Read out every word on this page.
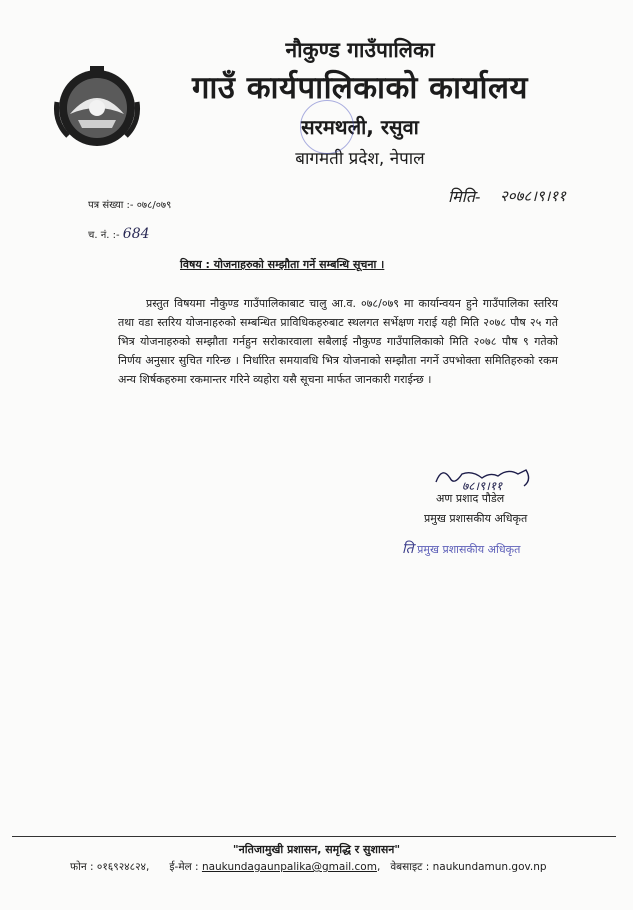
नौकुण्ड गाउँपालिका
गाउँ कार्यपालिकाको कार्यालय
सरमथली, रसुवा
बागमती प्रदेश, नेपाल
पत्र संख्या :- ०७८/०७९
च. नं. :- 684
मिति- २०७८।९।११
विषय : योजनाहरुको सम्झौता गर्ने सम्बन्धि सूचना ।

प्रस्तुत विषयमा नौकुण्ड गाउँपालिकाबाट चालु आ.व. ०७८/०७९ मा कार्यान्वयन हुने गाउँपालिका स्तरिय तथा वडा स्तरिय योजनाहरुको सम्बन्धित प्राविधिकहरुबाट स्थलगत सर्भेक्षण गराई यही मिति २०७८ पौष २५ गते भित्र योजनाहरुको सम्झौता गर्नहुन सरोकारवाला सबैलाई नौकुण्ड गाउँपालिकाको मिति २०७८ पौष ९ गतेको निर्णय अनुसार सुचित गरिन्छ । निर्धारित समयावधि भित्र योजनाको सम्झौता नगर्ने उपभोक्ता समितिहरुको रकम अन्य शिर्षकहरुमा रकमान्तर गरिने व्यहोरा यसै सूचना मार्फत जानकारी गराईन्छ ।

७८।९।११
अण प्रशाद पौडेल
प्रमुख प्रशासकीय अधिकृत
ति प्रमुख प्रशासकीय अधिकृत
"नतिजामुखी प्रशासन, समृद्धि र सुशासन"
फोन : ०१६९२४८२४, ई-मेल : naukundagaunpalika@gmail.com,   वेबसाइट : naukundamun.gov.np
